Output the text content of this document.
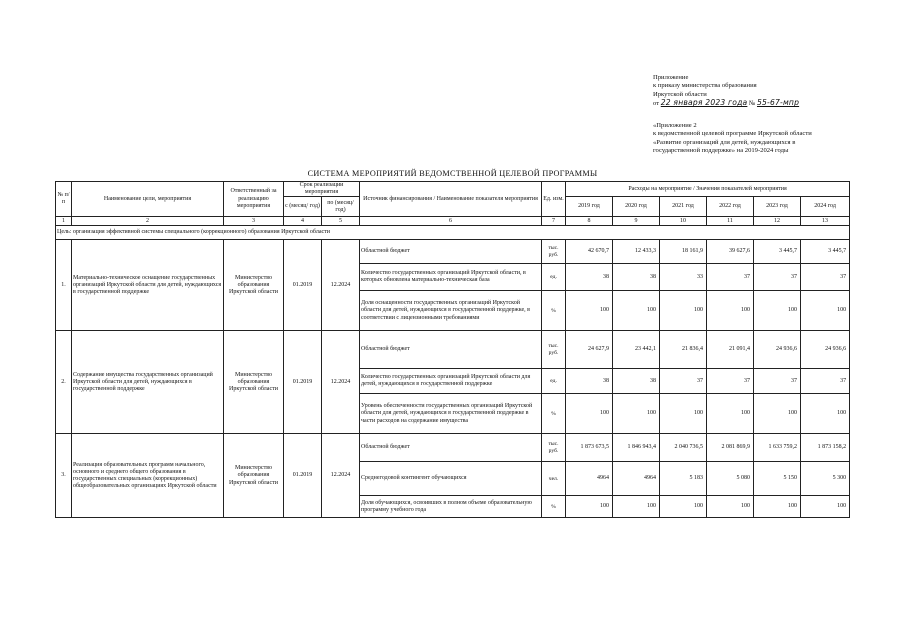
Приложение
к приказу министерства образования
Иркутской области
от 22 января 2023 года № 55-67-мпр
«Приложение 2
к ведомственной целевой программе Иркутской области
«Развитие организаций для детей, нуждающихся в
государственной поддержке» на 2019-2024 годы
СИСТЕМА МЕРОПРИЯТИЙ ВЕДОМСТВЕННОЙ ЦЕЛЕВОЙ ПРОГРАММЫ
№ п/п	Наименование цели, мероприятия	Ответственный за реализацию мероприятия	Срок реализации мероприятия		Источник финансирования / Наименование показателя мероприятия	Ед. изм.	Расходы на мероприятие / Значения показателей мероприятия					
			с (месяц/ год)	по (месяц/ год)			2019 год	2020 год	2021 год	2022 год	2023 год	2024 год
1	2	3	4	5	6	7	8	9	10	11	12	13
Цель: организация эффективной системы специального (коррекционного) образования Иркутской области												
1.	Материально-техническое оснащение государственных организаций Иркутской области для детей, нуждающихся в государственной поддержке	Министерство образования Иркутской области	01.2019	12.2024	Областной бюджет	тыс. руб.	42 670,7	12 433,3	18 161,9	39 627,6	3 445,7	3 445,7
					Количество государственных организаций Иркутской области, в которых обновлена материально-техническая база	ед.	38	38	33	37	37	37
					Доля оснащенности государственных организаций Иркутской области для детей, нуждающихся в государственной поддержке, в соответствии с лицензионными требованиями	%	100	100	100	100	100	100
2.	Содержание имущества государственных организаций Иркутской области для детей, нуждающихся в государственной поддержке	Министерство образования Иркутской области	01.2019	12.2024	Областной бюджет	тыс. руб.	24 627,9	23 442,1	21 836,4	21 091,4	24 936,6	24 936,6
					Количество государственных организаций Иркутской области для детей, нуждающихся в государственной поддержке	ед.	38	38	37	37	37	37
					Уровень обеспеченности государственных организаций Иркутской области для детей, нуждающихся в государственной поддержке в части расходов на содержание имущества	%	100	100	100	100	100	100
3.	Реализация образовательных программ начального, основного и среднего общего образования в государственных специальных (коррекционных) общеобразовательных организациях Иркутской области	Министерство образования Иркутской области	01.2019	12.2024	Областной бюджет	тыс. руб.	1 873 673,5	1 846 943,4	2 040 736,5	2 081 869,9	1 633 759,2	1 873 158,2
					Среднегодовой контингент обучающихся	чел.	4964	4964	5 183	5 080	5 150	5 300
					Доля обучающихся, освоивших в полном объеме образовательную программу учебного года	%	100	100	100	100	100	100
